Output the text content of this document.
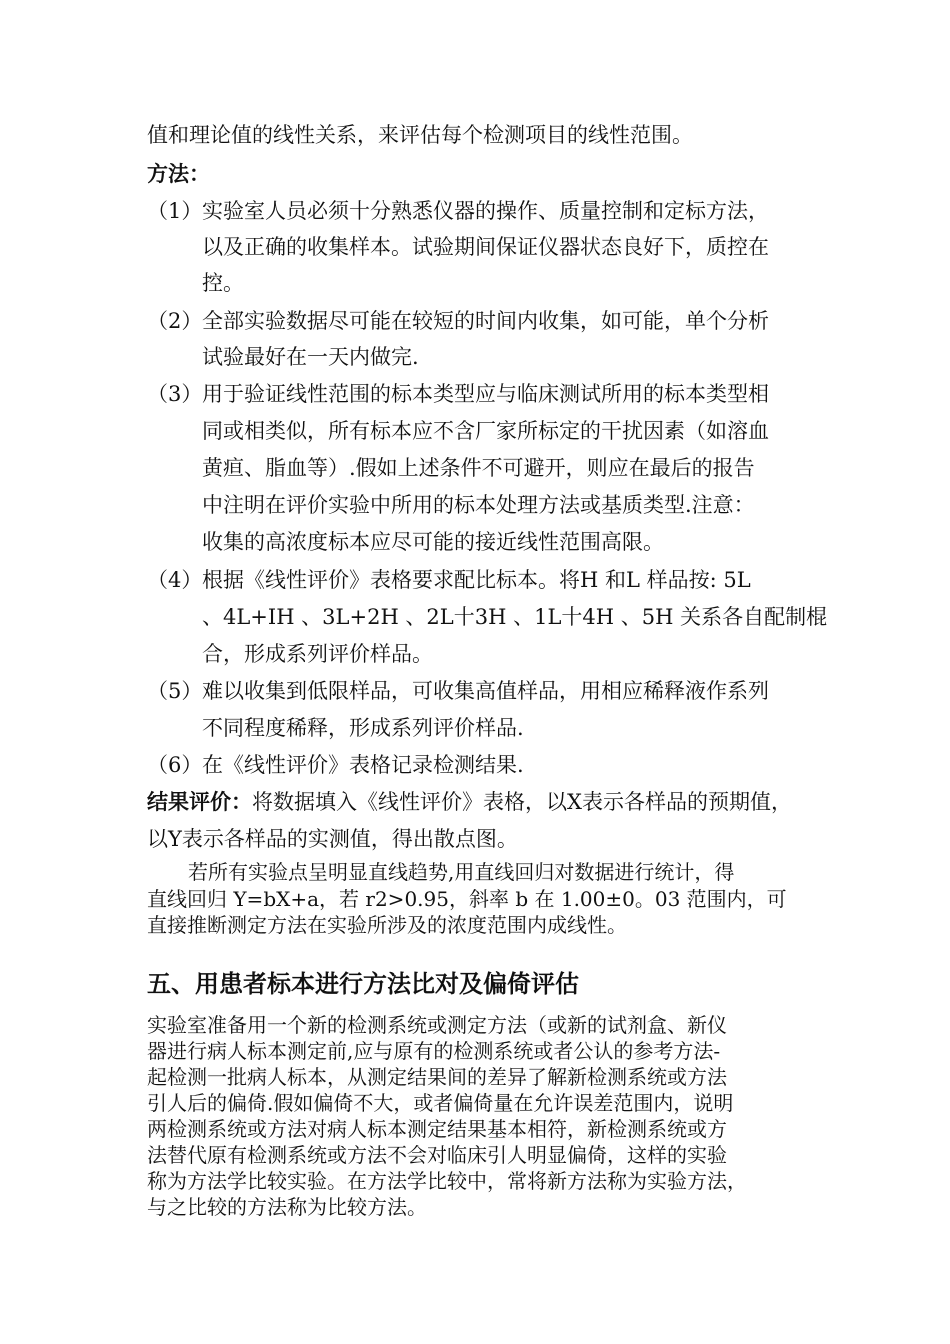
值和理论值的线性关系，来评估每个检测项目的线性范围。
方法：
（1） 实验室人员必须十分熟悉仪器的操作、质量控制和定标方法，
以及正确的收集样本。试验期间保证仪器状态良好下，质控在
控。
（2） 全部实验数据尽可能在较短的时间内收集，如可能，单个分析
试验最好在一天内做完.
（3） 用于验证线性范围的标本类型应与临床测试所用的标本类型相
同或相类似，所有标本应不含厂家所标定的干扰因素（如溶血
黄疸、脂血等）.假如上述条件不可避开，则应在最后的报告
中注明在评价实验中所用的标本处理方法或基质类型.注意：
收集的高浓度标本应尽可能的接近线性范围高限。
（4） 根据《线性评价》表格要求配比标本。将H 和L 样品按: 5L
、4L+IH 、3L+2H 、2L十3H 、1L十4H 、5H 关系各自配制棍
合，形成系列评价样品。
（5） 难以收集到低限样品，可收集高值样品，用相应稀释液作系列
不同程度稀释，形成系列评价样品.
（6） 在《线性评价》表格记录检测结果.
结果评价：将数据填入《线性评价》表格，以X表示各样品的预期值，
以Y表示各样品的实测值，得出散点图。
若所有实验点呈明显直线趋势,用直线回归对数据进行统计，得
直线回归 Y=bX+a，若 r2>0.95，斜率 b 在 1.00±0。03 范围内，可
直接推断测定方法在实验所涉及的浓度范围内成线性。
五、用患者标本进行方法比对及偏倚评估
实验室准备用一个新的检测系统或测定方法（或新的试剂盒、新仪
器进行病人标本测定前,应与原有的检测系统或者公认的参考方法-
起检测一批病人标本，从测定结果间的差异了解新检测系统或方法
引人后的偏倚.假如偏倚不大，或者偏倚量在允许误差范围内，说明
两检测系统或方法对病人标本测定结果基本相符，新检测系统或方
法替代原有检测系统或方法不会对临床引人明显偏倚，这样的实验
称为方法学比较实验。在方法学比较中，常将新方法称为实验方法，
与之比较的方法称为比较方法。
